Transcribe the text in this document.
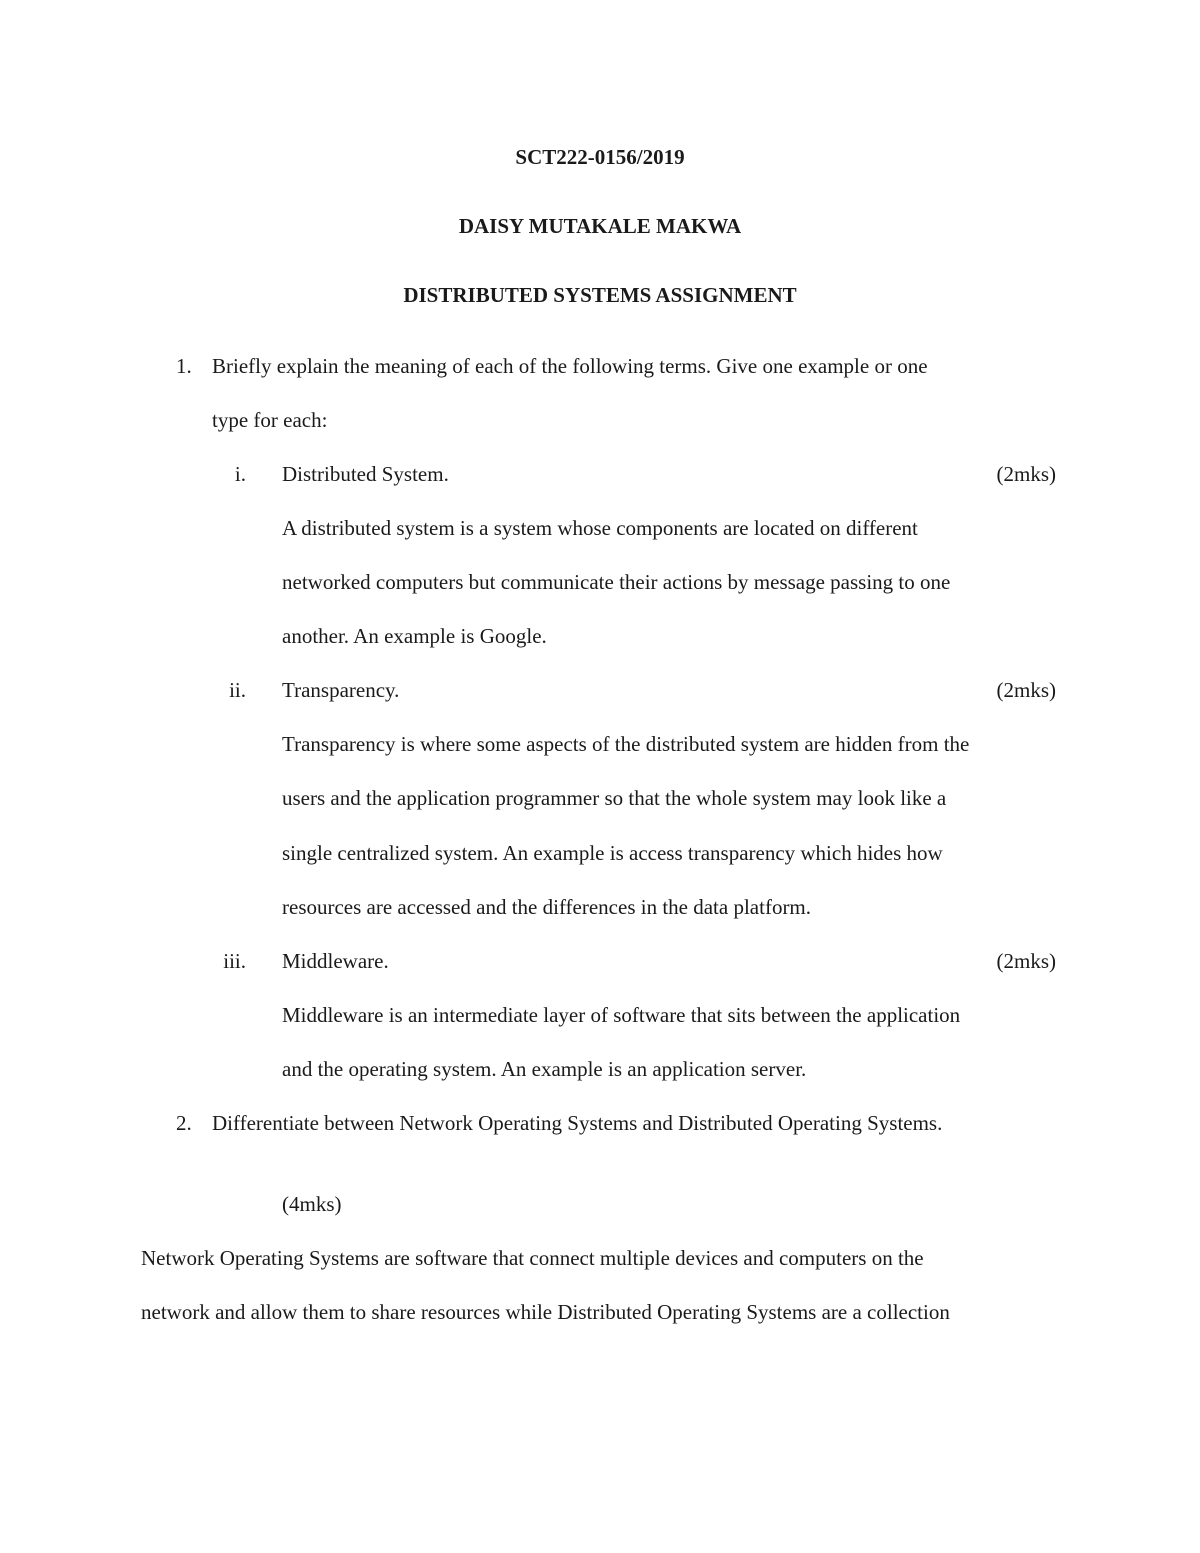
SCT222-0156/2019
DAISY MUTAKALE MAKWA
DISTRIBUTED SYSTEMS ASSIGNMENT
1. Briefly explain the meaning of each of the following terms. Give one example or one
type for each:
i. Distributed System.	(2mks)
A distributed system is a system whose components are located on different
networked computers but communicate their actions by message passing to one
another. An example is Google.
ii. Transparency.	(2mks)
Transparency is where some aspects of the distributed system are hidden from the
users and the application programmer so that the whole system may look like a
single centralized system. An example is access transparency which hides how
resources are accessed and the differences in the data platform.
iii. Middleware.	(2mks)
Middleware is an intermediate layer of software that sits between the application
and the operating system. An example is an application server.
2. Differentiate between Network Operating Systems and Distributed Operating Systems.
(4mks)
Network Operating Systems are software that connect multiple devices and computers on the
network and allow them to share resources while Distributed Operating Systems are a collection
